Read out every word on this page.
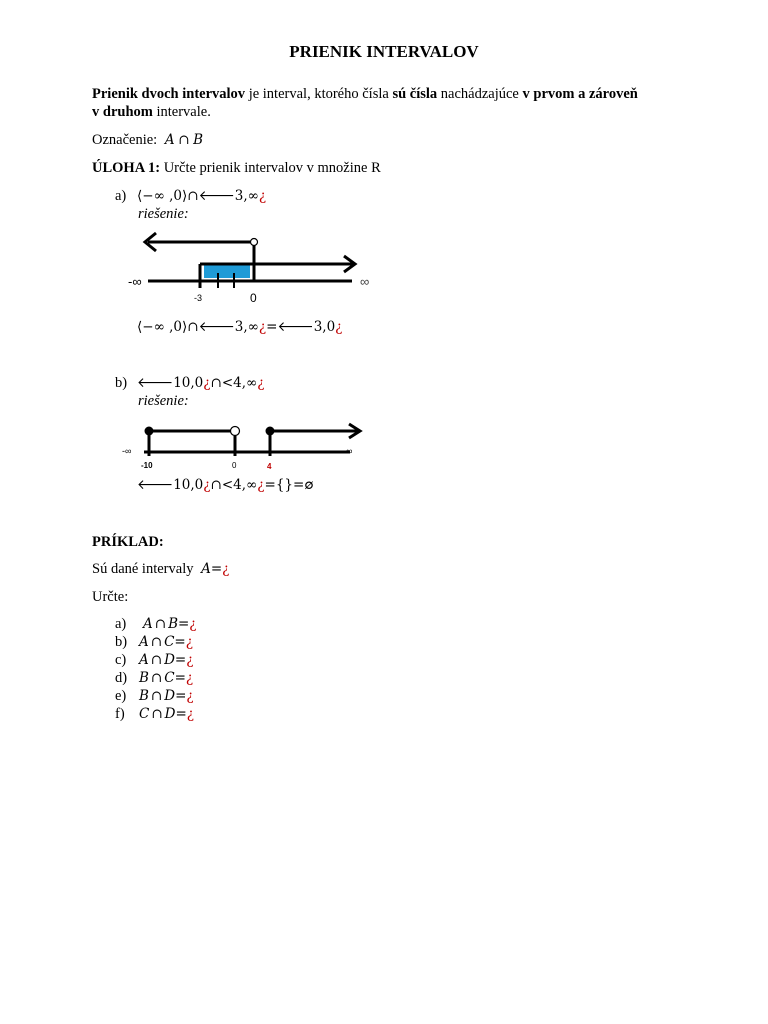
PRIENIK INTERVALOV
Prienik dvoch intervalov je interval, ktorého čísla sú čísla nachádzajúce v prvom a zároveň
v druhom intervale.
Označenie: A ∩ B
ÚLOHA 1: Určte prienik intervalov v množine R
a) ⟨−∞ ,0⟩∩🡐3,∞¿
riešenie:
-∞	∞
-3	0
⟨−∞ ,0⟩∩🡐3,∞¿=🡐3,0¿
b) 🡐10,0¿∩<4,∞¿
riešenie:
-∞	∞
-10	0	4
🡐10,0¿∩<4,∞¿={}=∅
PRÍKLAD:
Sú dané intervaly A=¿
Určte:
a) A ∩ B=¿
b) A ∩ C=¿
c) A ∩ D=¿
d) B ∩ C=¿
e) B ∩ D=¿
f) C ∩ D=¿
